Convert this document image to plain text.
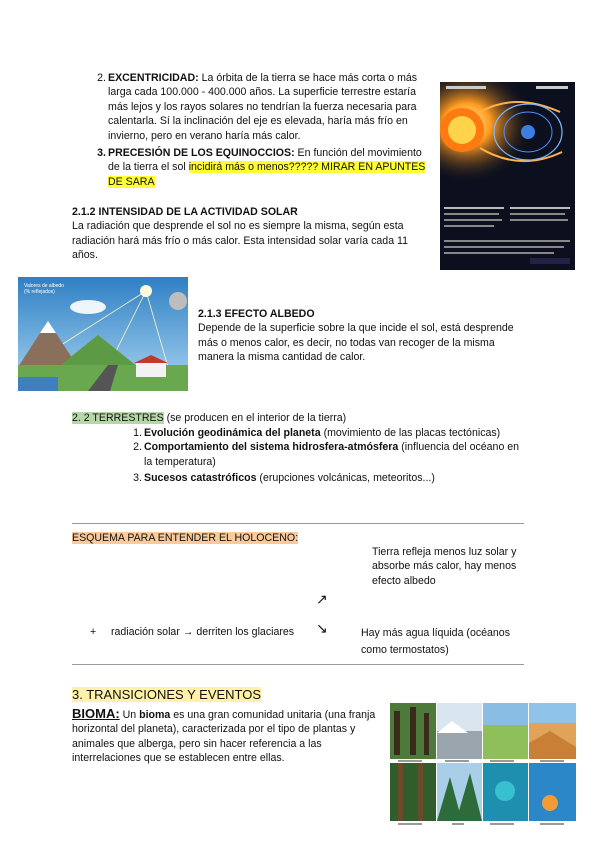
2. EXCENTRICIDAD: La órbita de la tierra se hace más corta o más larga cada 100.000 - 400.000 años. La superficie terrestre estaría más lejos y los rayos solares no tendrían la fuerza necesaria para calentarla. Sí la inclinación del eje es elevada, haría más frío en invierno, pero en verano haría más calor.
3. PRECESIÓN DE LOS EQUINOCCIOS: En función del movimiento de la tierra el sol incidirá más o menos????? MIRAR EN APUNTES DE SARA
2.1.2 INTENSIDAD DE LA ACTIVIDAD SOLAR
La radiación que desprende el sol no es siempre la misma, según esta radiación hará más frío o más calor. Esta intensidad solar varía cada 11 años.
Valores de albedo (% reflejados)
2.1.3 EFECTO ALBEDO
Depende de la superficie sobre la que incide el sol, está desprende más o menos calor, es decir, no todas van recoger de la misma manera la misma cantidad de calor.
2. 2 TERRESTRES (se producen en el interior de la tierra)
1. Evolución geodinámica del planeta (movimiento de las placas tectónicas)
2. Comportamiento del sistema hidrosfera-atmósfera (influencia del océano en la temperatura)
3. Sucesos catastróficos (erupciones volcánicas, meteoritos...)
ESQUEMA PARA ENTENDER EL HOLOCENO:
Tierra refleja menos luz solar y absorbe más calor, hay menos efecto albedo
↗
+ radiación solar → derriten los glaciares ↘	Hay más agua líquida (océanos como termostatos)
3. TRANSICIONES Y EVENTOS
BIOMA: Un bioma es una gran comunidad unitaria (una franja horizontal del planeta), caracterizada por el tipo de plantas y animales que alberga, pero sin hacer referencia a las interrelaciones que se establecen entre ellas.
